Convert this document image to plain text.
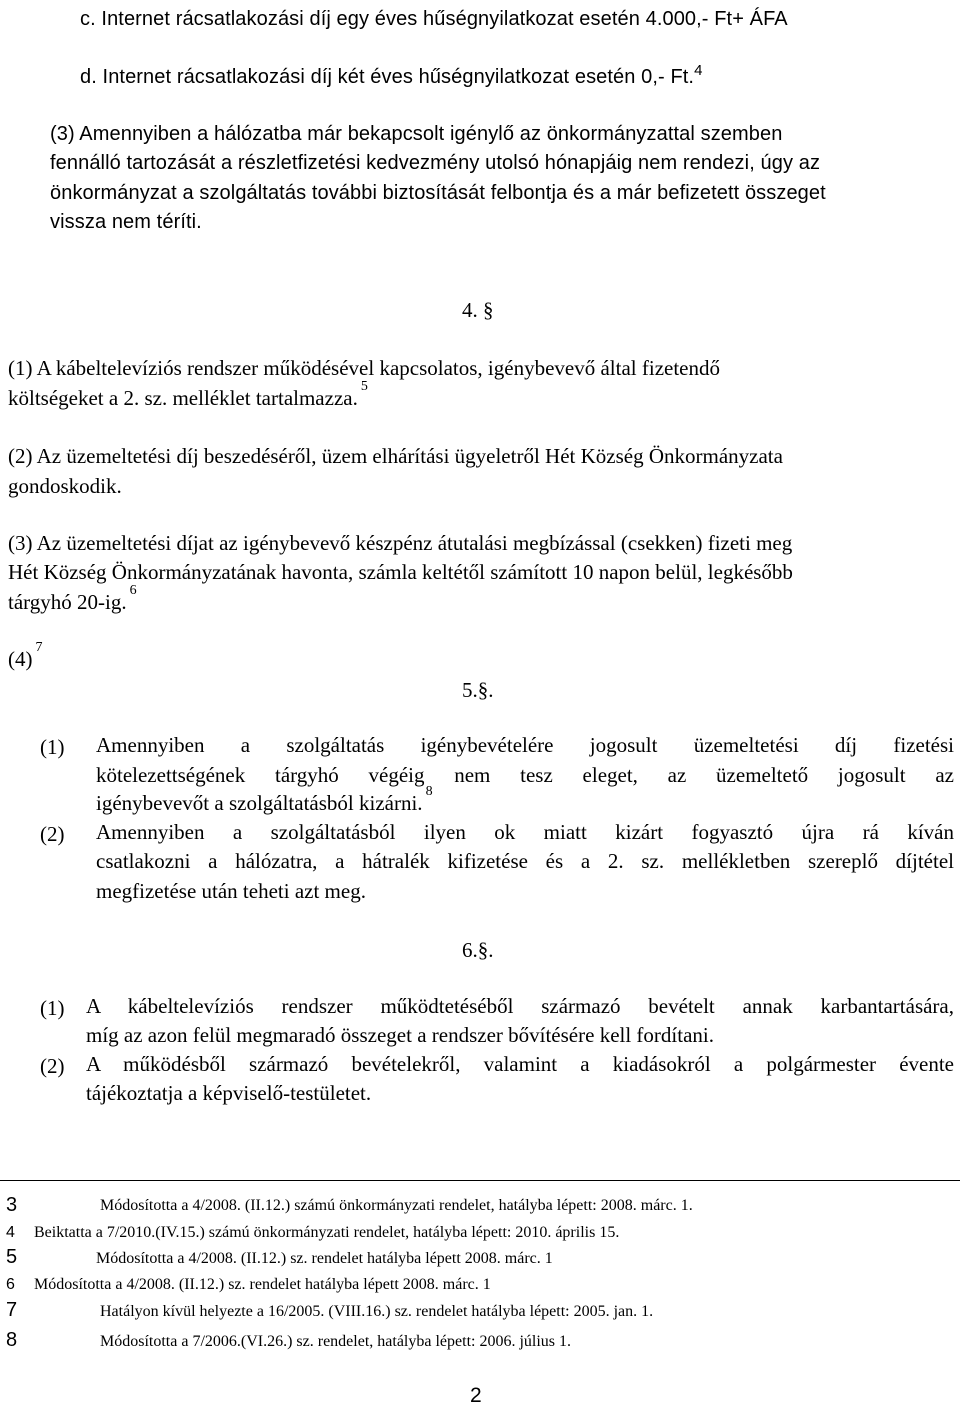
c. Internet rácsatlakozási díj egy éves hűségnyilatkozat esetén 4.000,- Ft+ ÁFA
d. Internet rácsatlakozási díj két éves hűségnyilatkozat esetén 0,- Ft.$^4$
(3) Amennyiben a hálózatba már bekapcsolt igénylő az önkormányzattal szemben
fennálló tartozását a részletfizetési kedvezmény utolsó hónapjáig nem rendezi, úgy az
önkormányzat a szolgáltatás további biztosítását felbontja és a már befizetett összeget
vissza nem téríti.
4. §
(1) A kábeltelevíziós rendszer működésével kapcsolatos, igénybevevő által fizetendő
költségeket a 2. sz. melléklet tartalmazza. $^5$
(2) Az üzemeltetési díj beszedéséről, üzem elhárítási ügyeletről Hét Község Önkormányzata
gondoskodik.
(3) Az üzemeltetési díjat az igénybevevő készpénz átutalási megbízással (csekken) fizeti meg
Hét Község Önkormányzatának havonta, számla keltétől számított 10 napon belül, legkésőbb
tárgyhó 20-ig. $^6$
(4) $^7$
5.§.
(1) Amennyiben a szolgáltatás igénybevételére jogosult üzemeltetési díj fizetési
kötelezettségének tárgyhó végéig nem tesz eleget, az üzemeltető jogosult az
igénybevevőt a szolgáltatásból kizárni. $^8$
(2) Amennyiben a szolgáltatásból ilyen ok miatt kizárt fogyasztó újra rá kíván
csatlakozni a hálózatra, a hátralék kifizetése és a 2. sz. mellékletben szereplő díjtétel
megfizetése után teheti azt meg.
6.§.
(1) A kábeltelevíziós rendszer működtetéséből származó bevételt annak karbantartására,
míg az azon felül megmaradó összeget a rendszer bővítésére kell fordítani.
(2) A működésből származó bevételekről, valamint a kiadásokról a polgármester évente
tájékoztatja a képviselő-testületet.
3	Módosította a 4/2008. (II.12.) számú önkormányzati rendelet, hatályba lépett: 2008. márc. 1.
4 Beiktatta a 7/2010.(IV.15.) számú önkormányzati rendelet, hatályba lépett: 2010. április 15.
5	Módosította a 4/2008. (II.12.) sz. rendelet hatályba lépett 2008. márc. 1
6 Módosította a 4/2008. (II.12.) sz. rendelet hatályba lépett 2008. márc. 1
7	Hatályon kívül helyezte a 16/2005. (VIII.16.) sz. rendelet hatályba lépett: 2005. jan. 1.
8	Módosította a 7/2006.(VI.26.) sz. rendelet, hatályba lépett: 2006. július 1.
2
